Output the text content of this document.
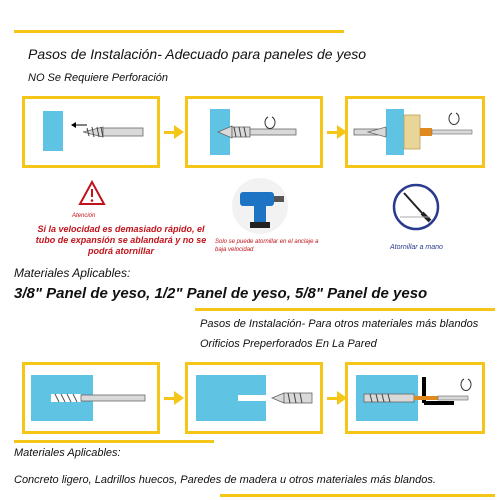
Pasos de Instalación- Adecuado para paneles de yeso
NO Se Requiere Perforación
Atención
Si la velocidad es demasiado rápido, el tubo de expansión se ablandará y no se podrá atornillar
Solo se puede atornillar en el anclaje a baja velocidad	Atornillar a mano
Materiales Aplicables:
3/8" Panel de yeso, 1/2" Panel de yeso, 5/8" Panel de yeso
Pasos de Instalación- Para otros materiales más blandos
Orificios Preperforados En La Pared
Materiales Aplicables:
Concreto ligero, Ladrillos huecos, Paredes de madera u otros materiales más blandos.
